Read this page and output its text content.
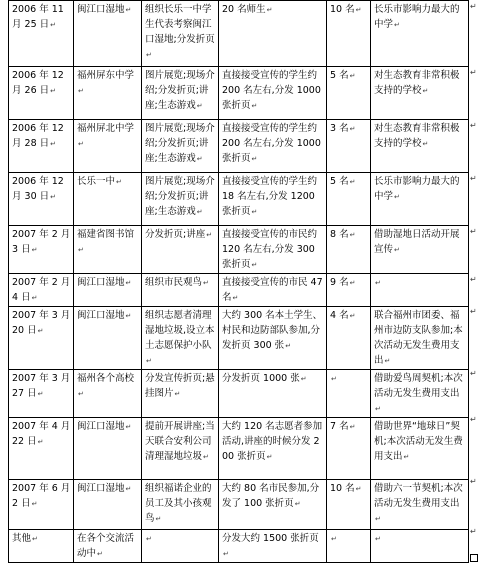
2006 年 11 月 25 日↵	闽江口湿地↵	组织长乐一中学生代表考察闽江口湿地;分发折页↵	20 名师生↵	10 名↵	长乐市影响力最大的中学↵
2006 年 12 月 26 日↵	福州屏东中学↵	图片展览;现场介绍;分发折页;讲座;生态游戏↵	直接接受宣传的学生约 200 名左右,分发 1000 张折页↵	5 名↵	对生态教育非常积极支持的学校↵
2006 年 12 月 28 日↵	福州屏北中学↵	图片展览;现场介绍;分发折页;讲座;生态游戏↵	直接接受宣传的学生约 200 名左右,分发 1000 张折页↵	3 名↵	对生态教育非常积极支持的学校↵
2006 年 12 月 30 日↵	长乐一中↵	图片展览;现场介绍;分发折页;讲座;生态游戏↵	直接接受宣传的学生约 18 名左右,分发 1200 张折页↵	5 名↵	长乐市影响力最大的中学↵
2007 年 2 月 3 日↵	福建省图书馆↵	分发折页;讲座↵	直接接受宣传的市民约 120 名左右,分发 300 张折页↵	8 名↵	借助湿地日活动开展宣传↵
2007 年 2 月 4 日↵	闽江口湿地↵	组织市民观鸟↵	直接接受宣传的市民 47 名↵	9 名↵	↵
2007 年 3 月 20 日↵	闽江口湿地↵	组织志愿者清理湿地垃圾,设立本土志愿保护小队↵	大约 300 名本土学生、村民和边防部队参加,分发折页 300 张↵	4 名↵	联合福州市团委、福州市边防支队参加;本次活动无发生费用支出↵
2007 年 3 月 27 日↵	福州各个高校↵	分发宣传折页;悬挂图片↵	分发折页 1000 张↵	↵	借助爱鸟周契机;本次活动无发生费用支出↵
2007 年 4 月 22 日↵	闽江口湿地↵	提前开展讲座;当天联合安利公司清理湿地垃圾↵	大约 120 名志愿者参加活动,讲座的时候分发 200 张折页↵	7 名↵	借助世界“地球日”契机;本次活动无发生费用支出↵
2007 年 6 月 2 日↵	闽江口湿地↵	组织福诺企业的员工及其小孩观鸟↵	大约 80 名市民参加,分发了 100 张折页↵	10 名↵	借助六一节契机;本次活动无发生费用支出↵
其他↵	在各个交流活动中↵	↵	分发大约 1500 张折页↵	↵	↵
↵
↵
↵
↵
↵
↵
↵
↵
↵
↵
↵
